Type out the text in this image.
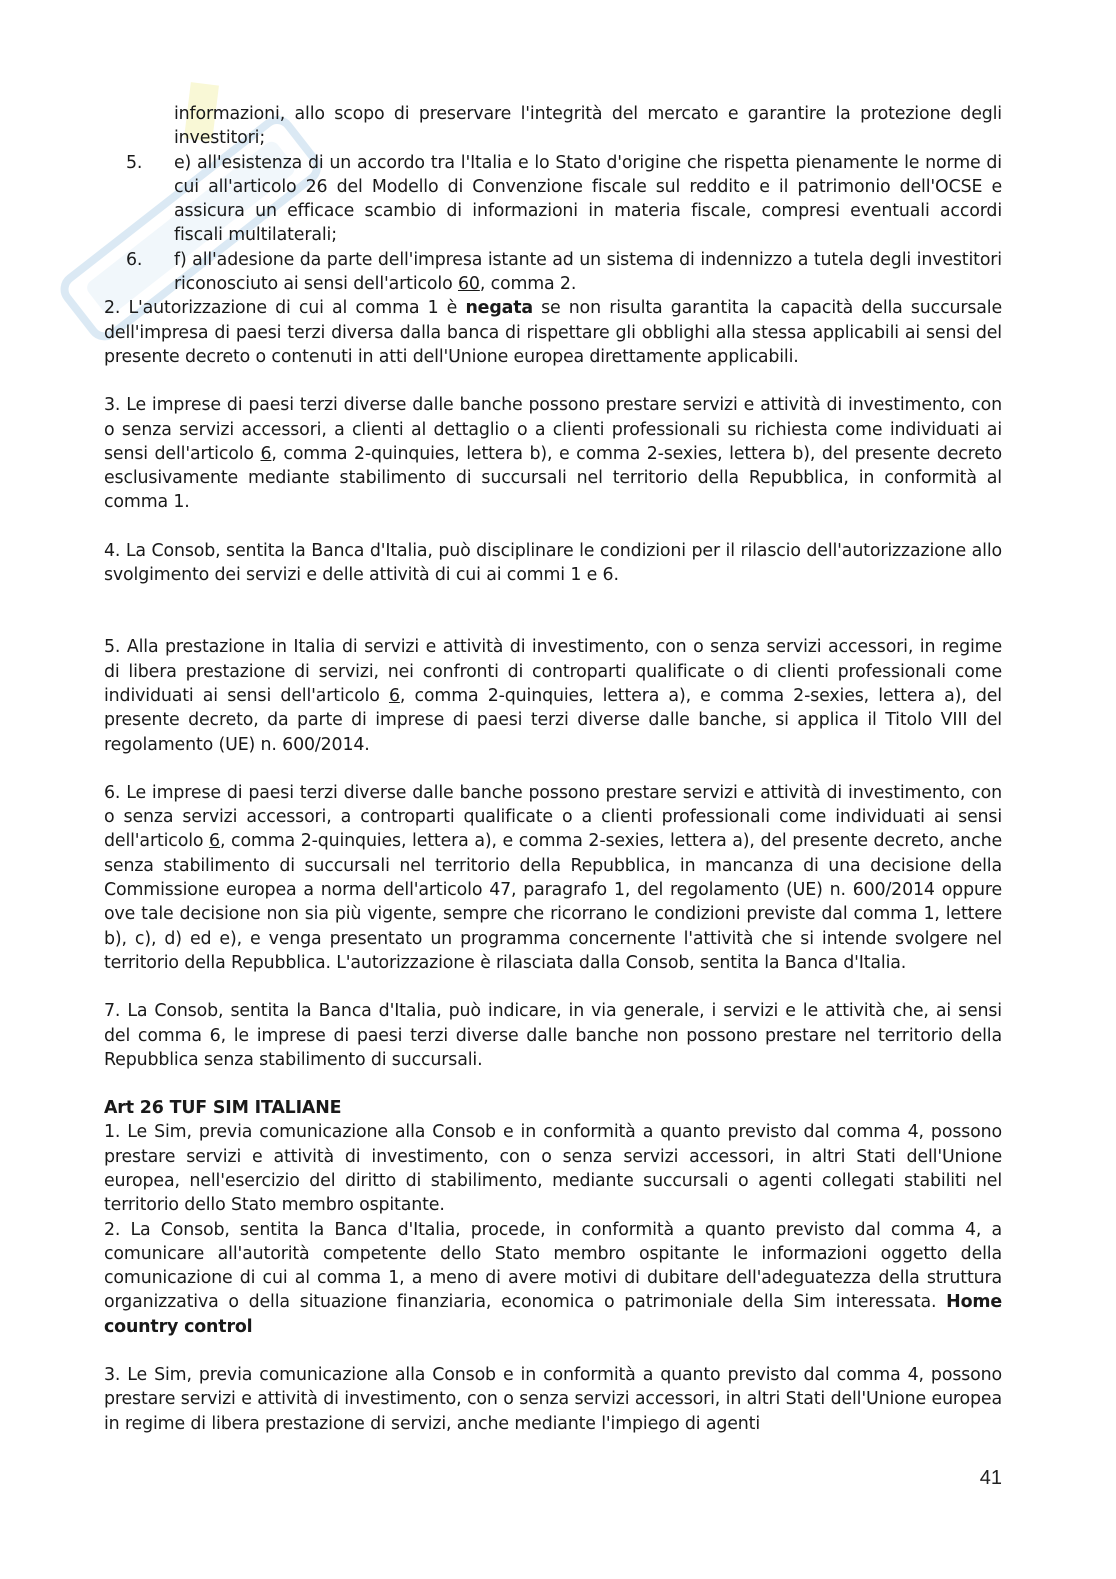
informazioni, allo scopo di preservare l'integrità del mercato e garantire la protezione degli investitori;

5. e) all'esistenza di un accordo tra l'Italia e lo Stato d'origine che rispetta pienamente le norme di cui all'articolo 26 del Modello di Convenzione fiscale sul reddito e il patrimonio dell'OCSE e assicura un efficace scambio di informazioni in materia fiscale, compresi eventuali accordi fiscali multilaterali;
6. f) all'adesione da parte dell'impresa istante ad un sistema di indennizzo a tutela degli investitori riconosciuto ai sensi dell'articolo 60, comma 2.

2. L'autorizzazione di cui al comma 1 è negata se non risulta garantita la capacità della succursale dell'impresa di paesi terzi diversa dalla banca di rispettare gli obblighi alla stessa applicabili ai sensi del presente decreto o contenuti in atti dell'Unione europea direttamente applicabili.

3. Le imprese di paesi terzi diverse dalle banche possono prestare servizi e attività di investimento, con o senza servizi accessori, a clienti al dettaglio o a clienti professionali su richiesta come individuati ai sensi dell'articolo 6, comma 2-quinquies, lettera b), e comma 2-sexies, lettera b), del presente decreto esclusivamente mediante stabilimento di succursali nel territorio della Repubblica, in conformità al comma 1.

4. La Consob, sentita la Banca d'Italia, può disciplinare le condizioni per il rilascio dell'autorizzazione allo svolgimento dei servizi e delle attività di cui ai commi 1 e 6.

5. Alla prestazione in Italia di servizi e attività di investimento, con o senza servizi accessori, in regime di libera prestazione di servizi, nei confronti di controparti qualificate o di clienti professionali come individuati ai sensi dell'articolo 6, comma 2-quinquies, lettera a), e comma 2-sexies, lettera a), del presente decreto, da parte di imprese di paesi terzi diverse dalle banche, si applica il Titolo VIII del regolamento (UE) n. 600/2014.

6. Le imprese di paesi terzi diverse dalle banche possono prestare servizi e attività di investimento, con o senza servizi accessori, a controparti qualificate o a clienti professionali come individuati ai sensi dell'articolo 6, comma 2-quinquies, lettera a), e comma 2-sexies, lettera a), del presente decreto, anche senza stabilimento di succursali nel territorio della Repubblica, in mancanza di una decisione della Commissione europea a norma dell'articolo 47, paragrafo 1, del regolamento (UE) n. 600/2014 oppure ove tale decisione non sia più vigente, sempre che ricorrano le condizioni previste dal comma 1, lettere b), c), d) ed e), e venga presentato un programma concernente l'attività che si intende svolgere nel territorio della Repubblica. L'autorizzazione è rilasciata dalla Consob, sentita la Banca d'Italia.

7. La Consob, sentita la Banca d'Italia, può indicare, in via generale, i servizi e le attività che, ai sensi del comma 6, le imprese di paesi terzi diverse dalle banche non possono prestare nel territorio della Repubblica senza stabilimento di succursali.

Art 26 TUF SIM ITALIANE

1. Le Sim, previa comunicazione alla Consob e in conformità a quanto previsto dal comma 4, possono prestare servizi e attività di investimento, con o senza servizi accessori, in altri Stati dell'Unione europea, nell'esercizio del diritto di stabilimento, mediante succursali o agenti collegati stabiliti nel territorio dello Stato membro ospitante.

2. La Consob, sentita la Banca d'Italia, procede, in conformità a quanto previsto dal comma 4, a comunicare all'autorità competente dello Stato membro ospitante le informazioni oggetto della comunicazione di cui al comma 1, a meno di avere motivi di dubitare dell'adeguatezza della struttura organizzativa o della situazione finanziaria, economica o patrimoniale della Sim interessata. Home country control

3. Le Sim, previa comunicazione alla Consob e in conformità a quanto previsto dal comma 4, possono prestare servizi e attività di investimento, con o senza servizi accessori, in altri Stati dell'Unione europea in regime di libera prestazione di servizi, anche mediante l'impiego di agenti

41
